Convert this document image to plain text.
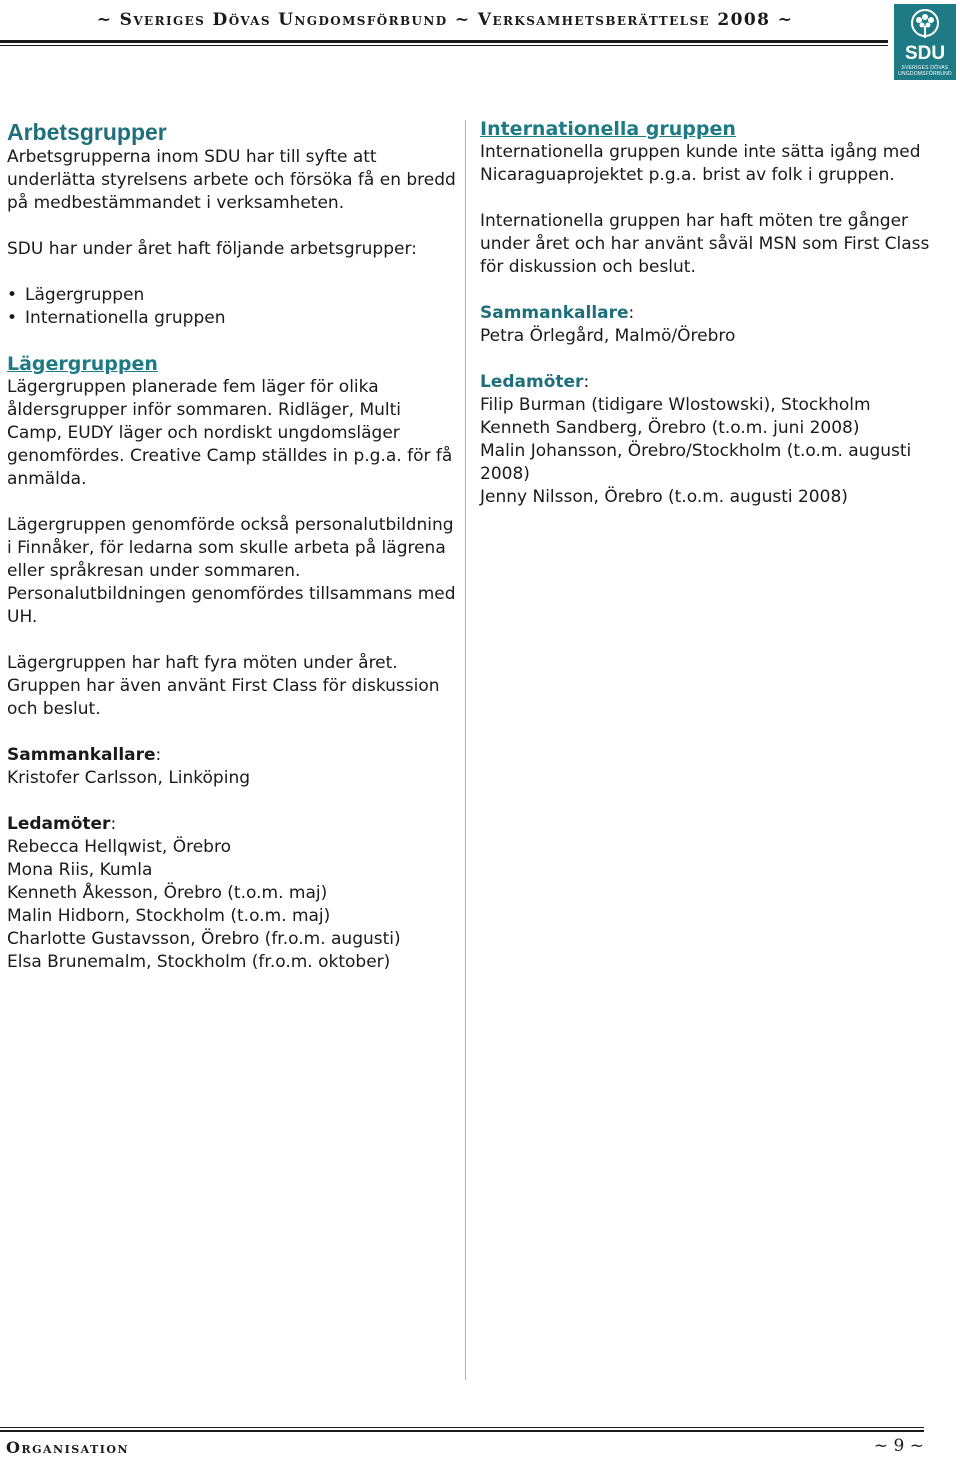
~ Sveriges Dövas Ungdomsförbund ~ Verksamhetsberättelse 2008 ~
SDU
SVERIGES DÖVAS UNGDOMSFÖRBUND
Arbetsgrupper

Arbetsgrupperna inom SDU har till syfte att underlätta styrelsens arbete och försöka få en bredd på medbestämmandet i verksamheten.

SDU har under året haft följande arbetsgrupper:

• Lägergruppen
• Internationella gruppen
Lägergruppen

Lägergruppen planerade fem läger för olika åldersgrupper inför sommaren. Ridläger, Multi Camp, EUDY läger och nordiskt ungdomsläger genomfördes. Creative Camp ställdes in p.g.a. för få anmälda.

Lägergruppen genomförde också personalutbildning i Finnåker, för ledarna som skulle arbeta på lägrena eller språkresan under sommaren. Personalutbildningen genomfördes tillsammans med UH.

Lägergruppen har haft fyra möten under året. Gruppen har även använt First Class för diskussion och beslut.

Sammankallare:

Kristofer Carlsson, Linköping

Ledamöter:
Rebecca Hellqwist, Örebro
Mona Riis, Kumla
Kenneth Åkesson, Örebro (t.o.m. maj)
Malin Hidborn, Stockholm (t.o.m. maj)
Charlotte Gustavsson, Örebro (fr.o.m. augusti)
Elsa Brunemalm, Stockholm (fr.o.m. oktober)
Internationella gruppen

Internationella gruppen kunde inte sätta igång med Nicaraguaprojektet p.g.a. brist av folk i gruppen.

Internationella gruppen har haft möten tre gånger under året och har använt såväl MSN som First Class för diskussion och beslut.

Sammankallare:

Petra Örlegård, Malmö/Örebro

Ledamöter:
Filip Burman (tidigare Wlostowski), Stockholm
Kenneth Sandberg, Örebro (t.o.m. juni 2008)
Malin Johansson, Örebro/Stockholm (t.o.m. augusti 2008)
Jenny Nilsson, Örebro (t.o.m. augusti 2008)
Organisation	~ 9 ~
